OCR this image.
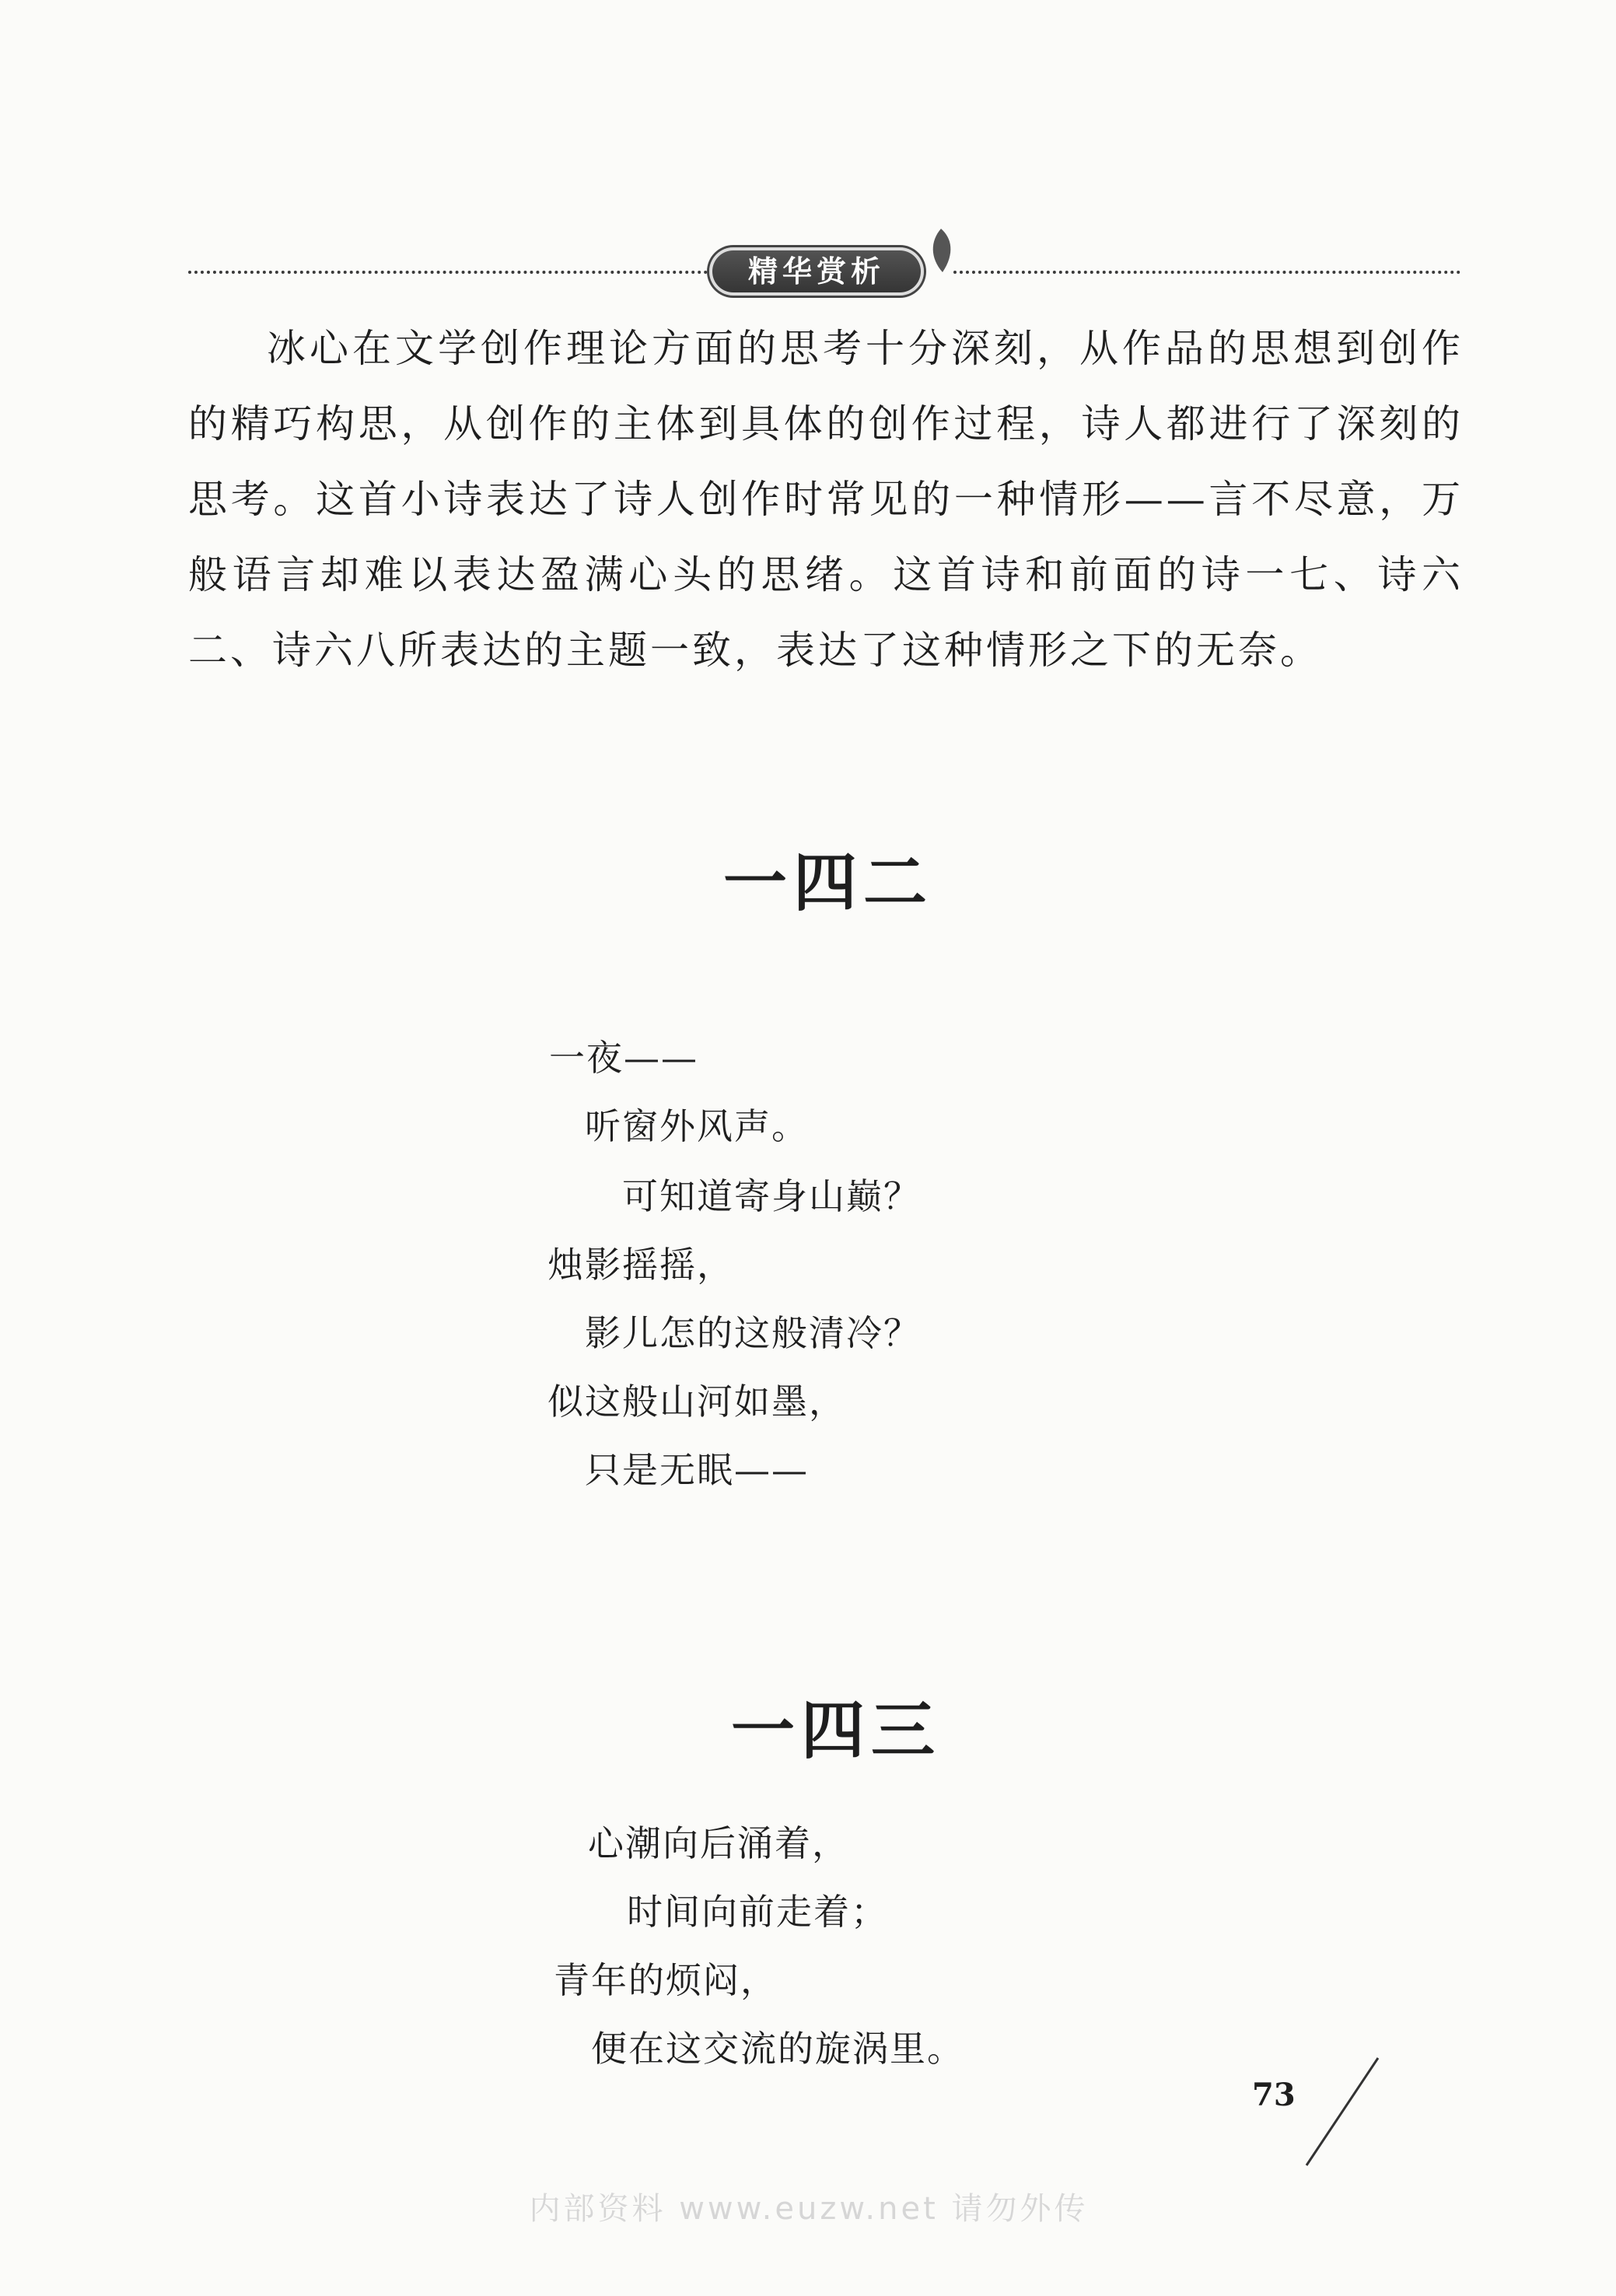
精华赏析
冰心在文学创作理论方面的思考十分深刻，从作品的思想到创作的精巧构思，从创作的主体到具体的创作过程，诗人都进行了深刻的思考。这首小诗表达了诗人创作时常见的一种情形——言不尽意，万般语言却难以表达盈满心头的思绪。这首诗和前面的诗一七、诗六二、诗六八所表达的主题一致，表达了这种情形之下的无奈。
一四二
一夜——
听窗外风声。
可知道寄身山巅？
烛影摇摇，
影儿怎的这般清冷？
似这般山河如墨，
只是无眠——
一四三
心潮向后涌着，
时间向前走着；
青年的烦闷，
便在这交流的旋涡里。
73
内部资料 www.euzw.net 请勿外传
